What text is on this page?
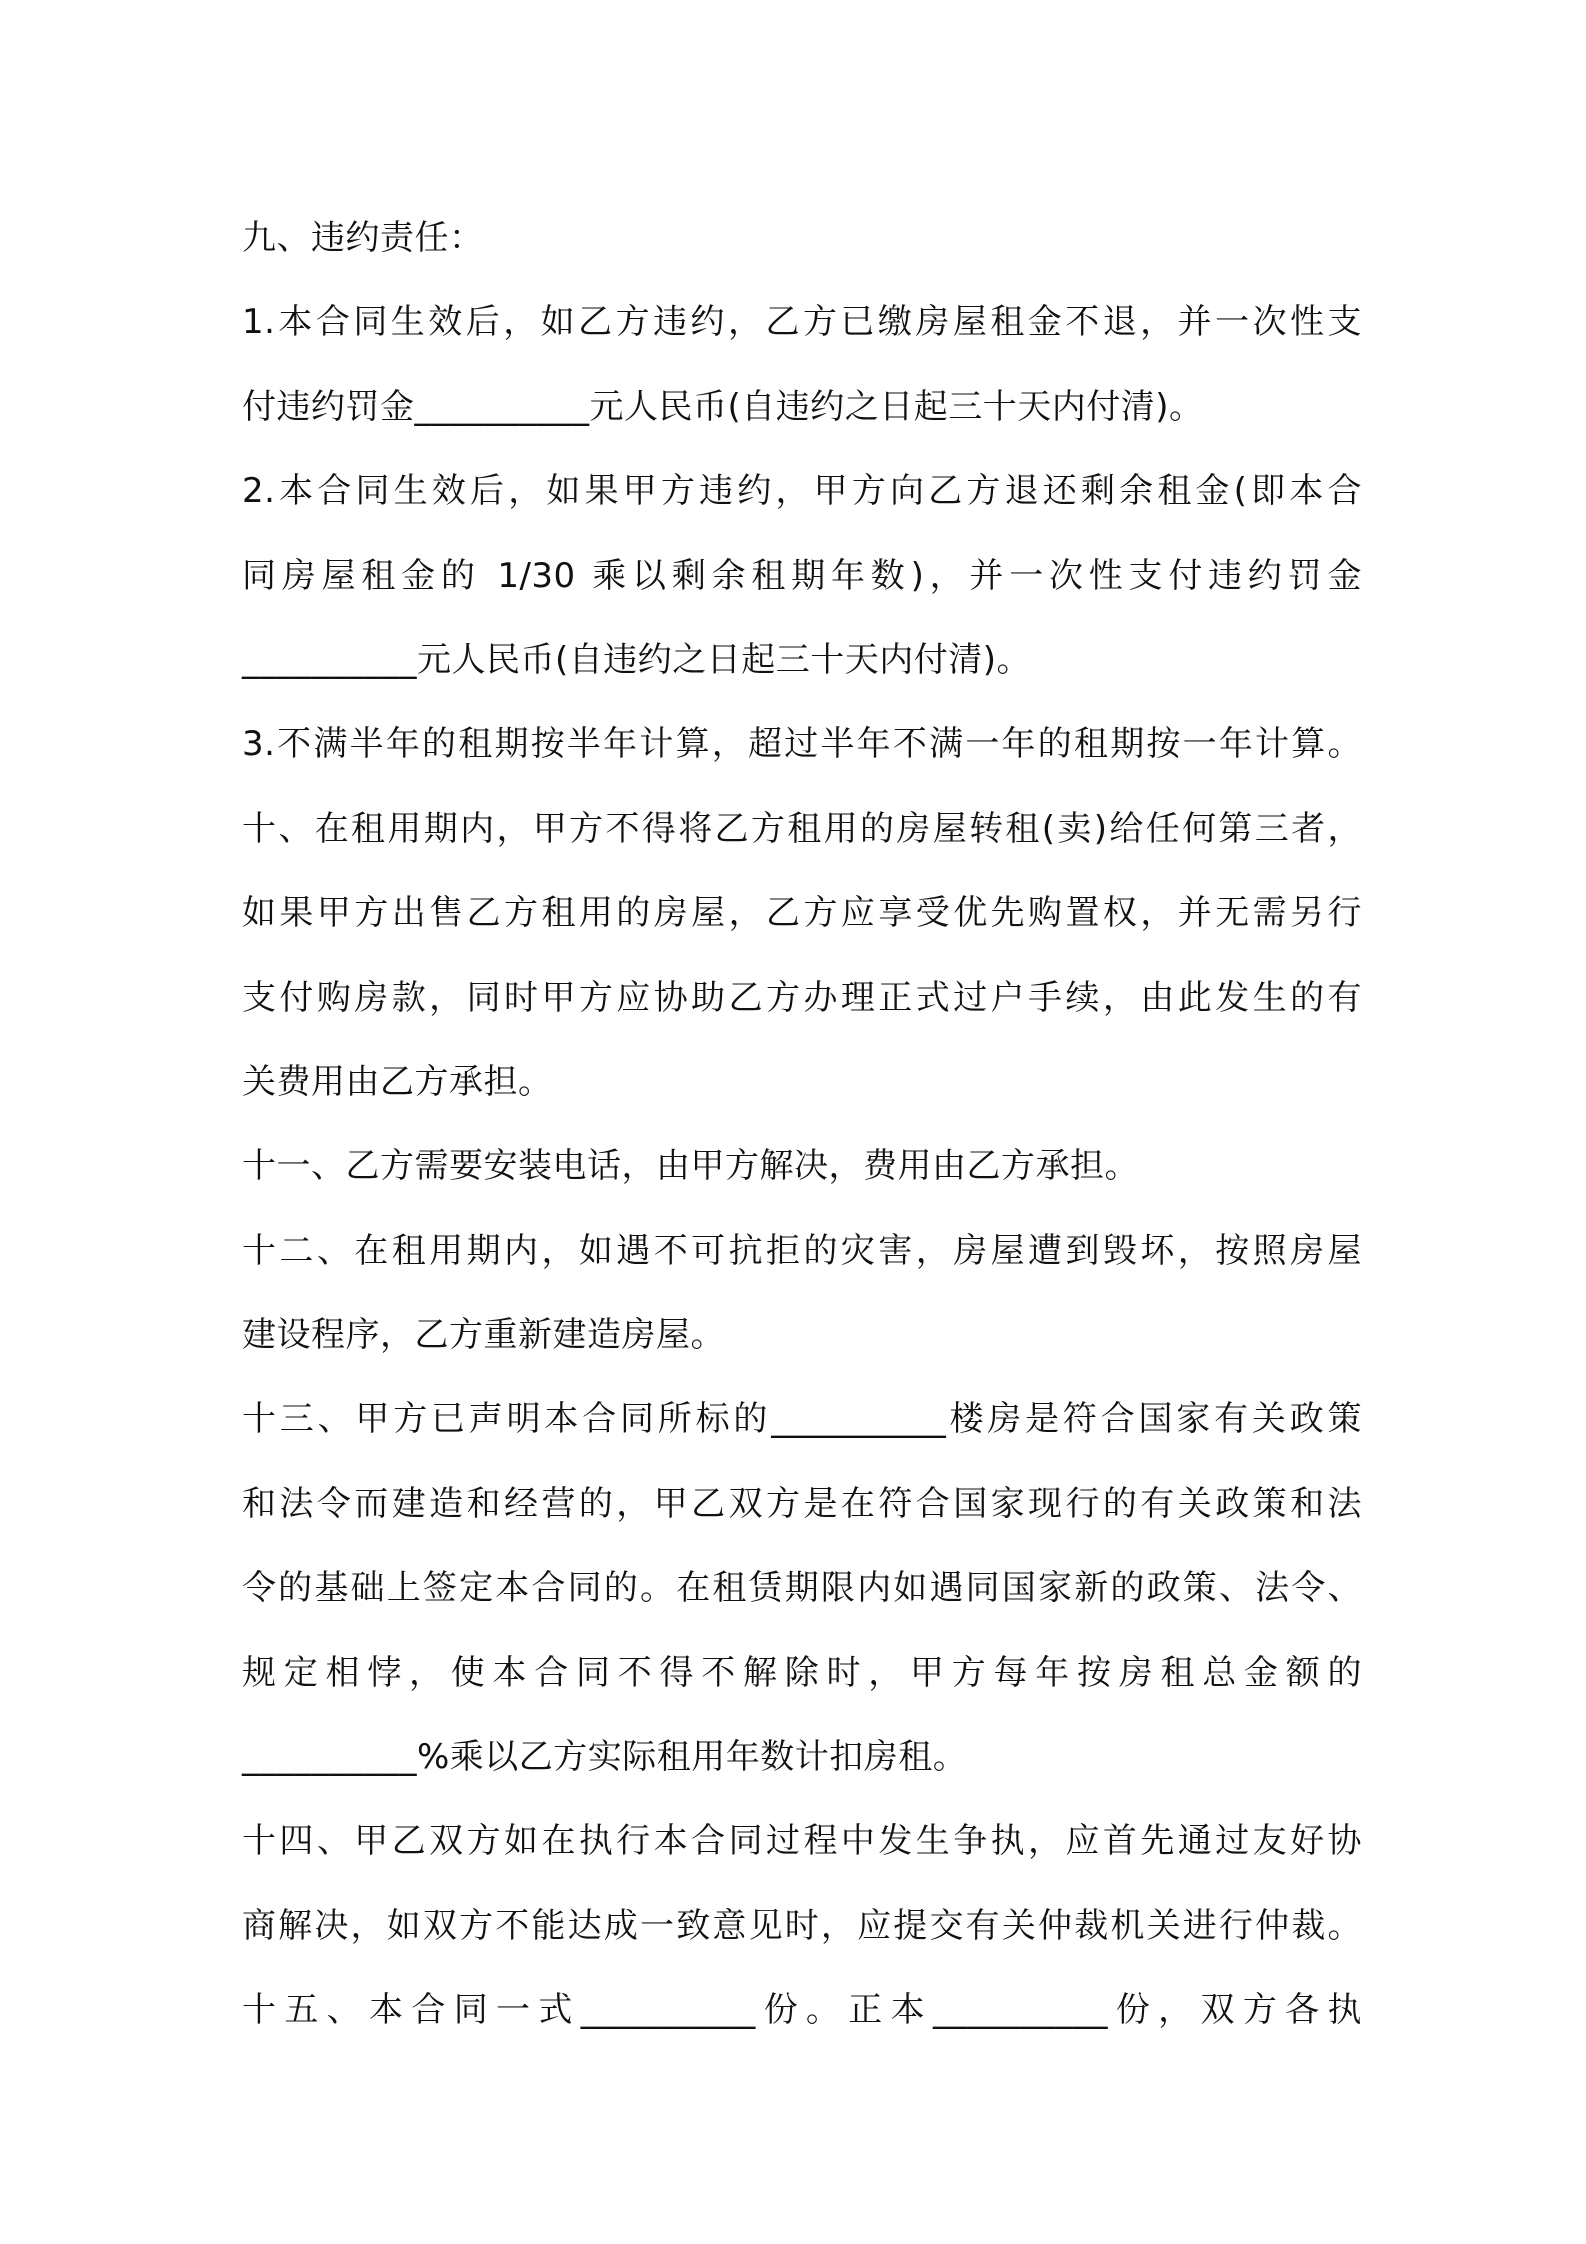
九、违约责任：
1.本合同生效后，如乙方违约，乙方已缴房屋租金不退，并一次性支
付违约罚金__________元人民币(自违约之日起三十天内付清)。
2.本合同生效后，如果甲方违约，甲方向乙方退还剩余租金(即本合
同房屋租金的 1/30 乘以剩余租期年数)，并一次性支付违约罚金
__________元人民币(自违约之日起三十天内付清)。
3.不满半年的租期按半年计算，超过半年不满一年的租期按一年计算。
十、在租用期内，甲方不得将乙方租用的房屋转租(卖)给任何第三者，
如果甲方出售乙方租用的房屋，乙方应享受优先购置权，并无需另行
支付购房款，同时甲方应协助乙方办理正式过户手续，由此发生的有
关费用由乙方承担。
十一、乙方需要安装电话，由甲方解决，费用由乙方承担。
十二、在租用期内，如遇不可抗拒的灾害，房屋遭到毁坏，按照房屋
建设程序，乙方重新建造房屋。
十三、甲方已声明本合同所标的__________楼房是符合国家有关政策
和法令而建造和经营的，甲乙双方是在符合国家现行的有关政策和法
令的基础上签定本合同的。在租赁期限内如遇同国家新的政策、法令、
规定相悖，使本合同不得不解除时，甲方每年按房租总金额的
__________%乘以乙方实际租用年数计扣房租。
十四、甲乙双方如在执行本合同过程中发生争执，应首先通过友好协
商解决，如双方不能达成一致意见时，应提交有关仲裁机关进行仲裁。
十五、本合同一式__________份。正本__________份，双方各执
